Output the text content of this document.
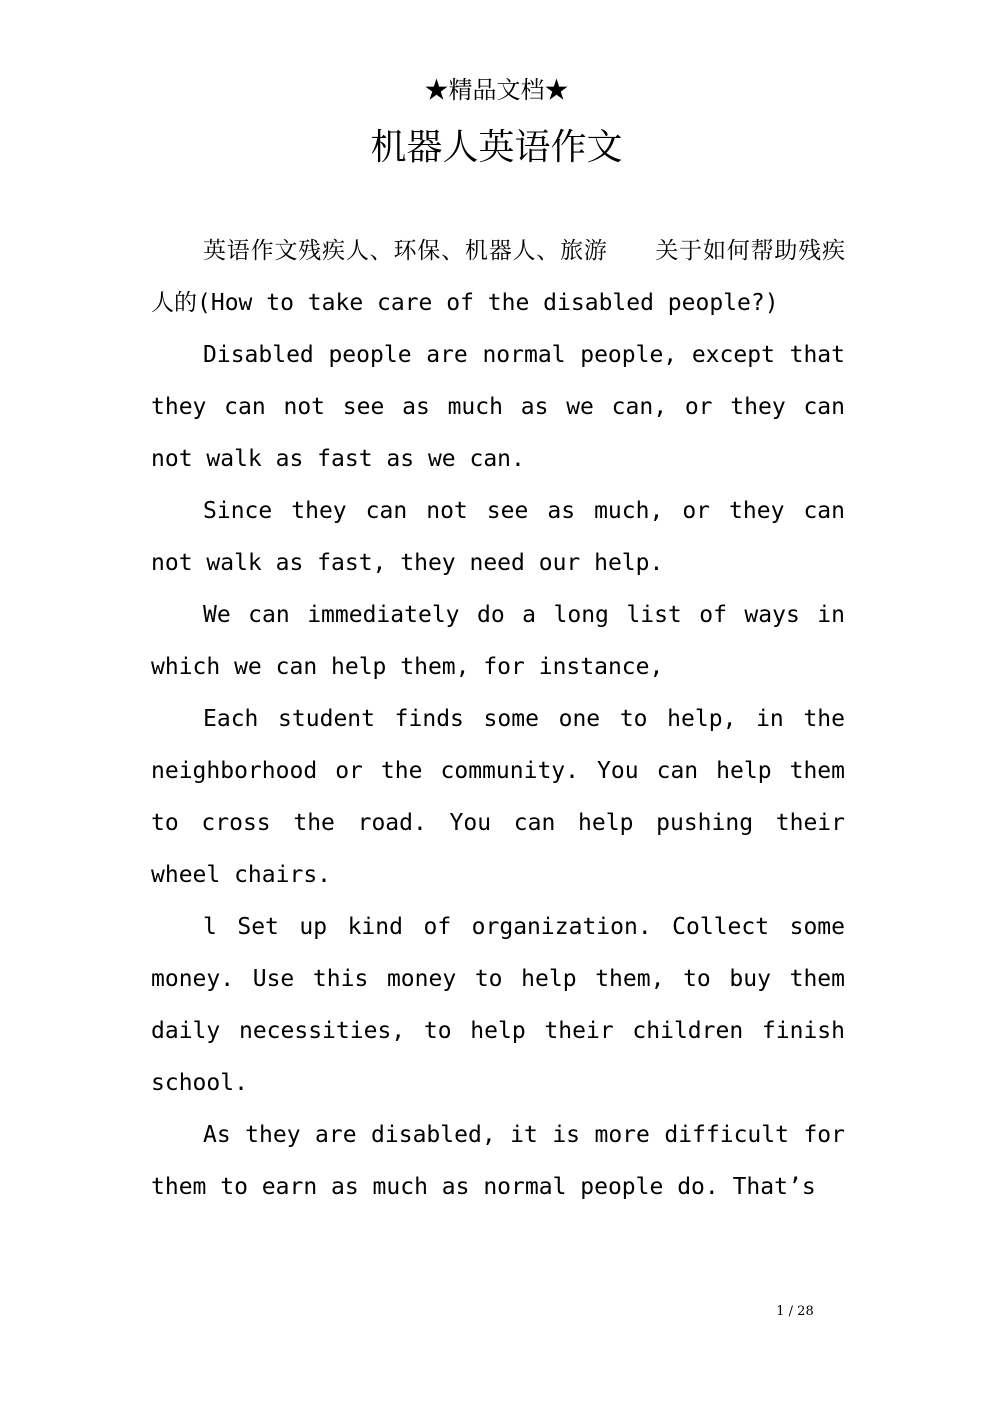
★精品文档★
机器人英语作文

英语作文残疾人、环保、机器人、旅游　　关于如何帮助残疾人的(How to take care of the disabled people?)

Disabled people are normal people, except that they can not see as much as we can, or they can not walk as fast as we can.

Since they can not see as much, or they can not walk as fast, they need our help.

We can immediately do a long list of ways in which we can help them, for instance,

Each student finds some one to help, in the neighborhood or the community. You can help them to cross the road. You can help pushing their wheel chairs.

l Set up kind of organization. Collect some money. Use this money to help them, to buy them daily necessities, to help their children finish school.

As they are disabled, it is more difficult for them to earn as much as normal people do. That’s

1 / 28
